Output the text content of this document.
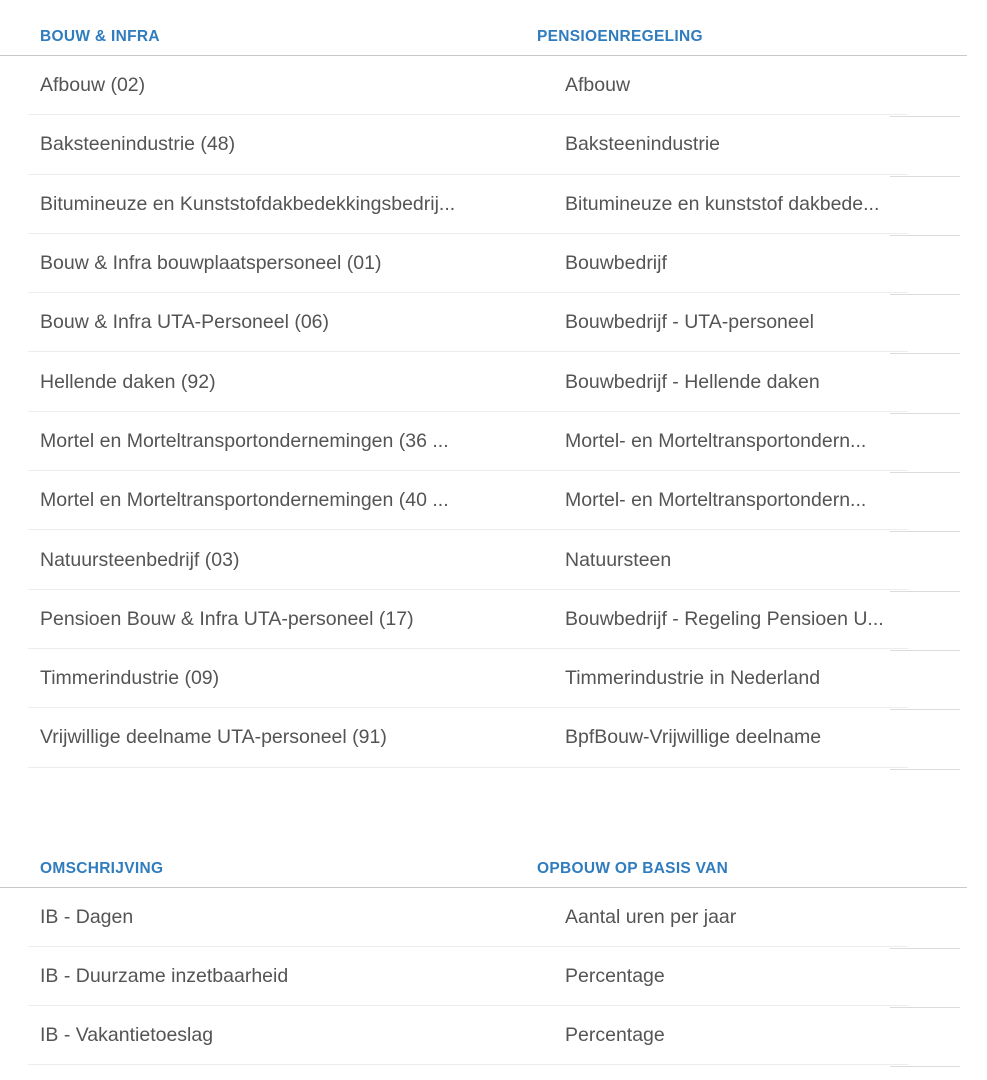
BOUW & INFRA	PENSIOENREGELING
Afbouw (02)	Afbouw
Baksteenindustrie (48)	Baksteenindustrie
Bitumineuze en Kunststofdakbedekkingsbedrij...	Bitumineuze en kunststof dakbede...
Bouw & Infra bouwplaatspersoneel (01)	Bouwbedrijf
Bouw & Infra UTA-Personeel (06)	Bouwbedrijf - UTA-personeel
Hellende daken (92)	Bouwbedrijf - Hellende daken
Mortel en Morteltransportondernemingen (36 ...	Mortel- en Morteltransportondern...
Mortel en Morteltransportondernemingen (40 ...	Mortel- en Morteltransportondern...
Natuursteenbedrijf (03)	Natuursteen
Pensioen Bouw & Infra UTA-personeel (17)	Bouwbedrijf - Regeling Pensioen U...
Timmerindustrie (09)	Timmerindustrie in Nederland
Vrijwillige deelname UTA-personeel (91)	BpfBouw-Vrijwillige deelname
OMSCHRIJVING	OPBOUW OP BASIS VAN
IB - Dagen	Aantal uren per jaar
IB - Duurzame inzetbaarheid	Percentage
IB - Vakantietoeslag	Percentage
